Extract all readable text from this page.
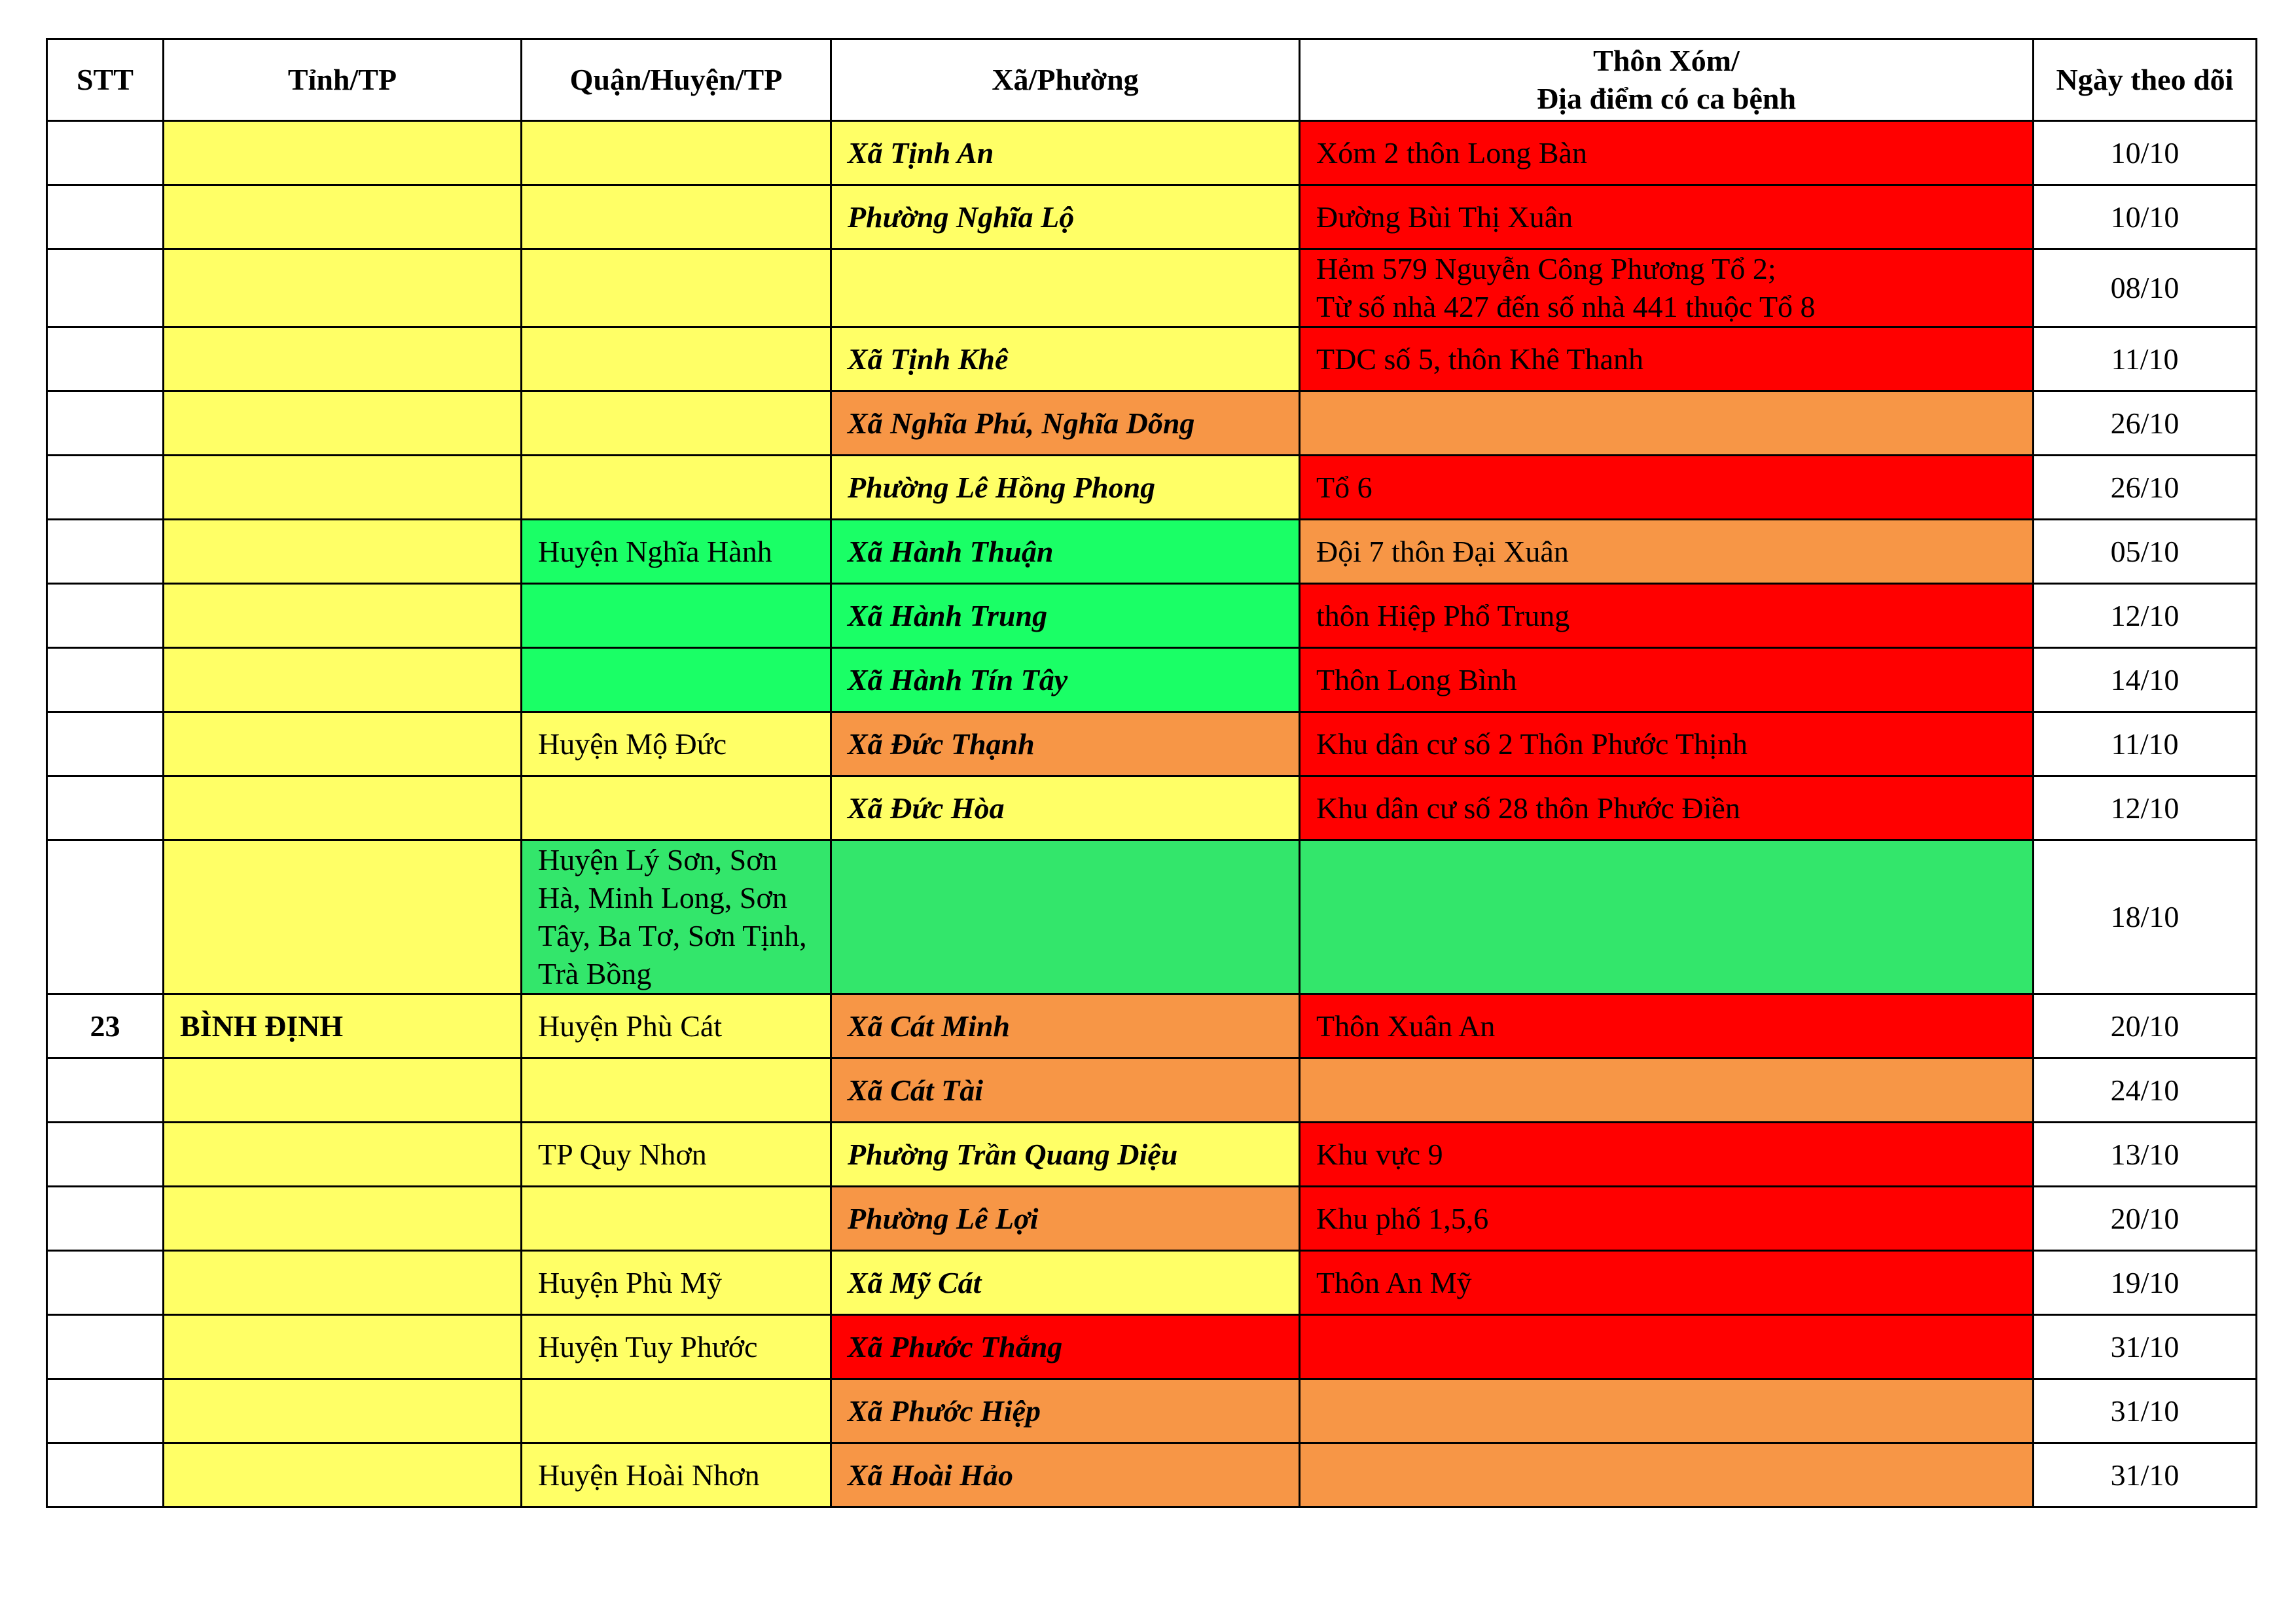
STT	Tỉnh/TP	Quận/Huyện/TP	Xã/Phường	Thôn Xóm/
Địa điểm có ca bệnh	Ngày theo dõi
			Xã Tịnh An	Xóm 2 thôn Long Bàn	10/10
			Phường Nghĩa Lộ	Đường Bùi Thị Xuân	10/10

				Hẻm 579 Nguyễn Công Phương Tổ 2;
Từ số nhà 427 đến số nhà 441 thuộc Tổ 8	08/10
			Xã Tịnh Khê	TDC số 5, thôn Khê Thanh	11/10
			Xã Nghĩa Phú, Nghĩa Dõng		26/10
			Phường Lê Hồng Phong	Tổ 6	26/10
		Huyện Nghĩa Hành	Xã Hành Thuận	Đội 7 thôn Đại Xuân	05/10
			Xã Hành Trung	thôn Hiệp Phổ Trung	12/10
			Xã Hành Tín Tây	Thôn Long Bình	14/10
		Huyện Mộ Đức	Xã Đức Thạnh	Khu dân cư số 2 Thôn Phước Thịnh	11/10
			Xã Đức Hòa	Khu dân cư số 28 thôn Phước Điền	12/10
		Huyện Lý Sơn, Sơn Hà, Minh Long, Sơn Tây, Ba Tơ, Sơn Tịnh, Trà Bồng			18/10
23	BÌNH ĐỊNH	Huyện Phù Cát	Xã Cát Minh	Thôn Xuân An	20/10
			Xã Cát Tài		24/10
		TP Quy Nhơn	Phường Trần Quang Diệu	Khu vực 9	13/10
			Phường Lê Lợi	Khu phố 1,5,6	20/10
		Huyện Phù Mỹ	Xã Mỹ Cát	Thôn An Mỹ	19/10
		Huyện Tuy Phước	Xã Phước Thắng		31/10
			Xã Phước Hiệp		31/10
		Huyện Hoài Nhơn	Xã Hoài Hảo		31/10
